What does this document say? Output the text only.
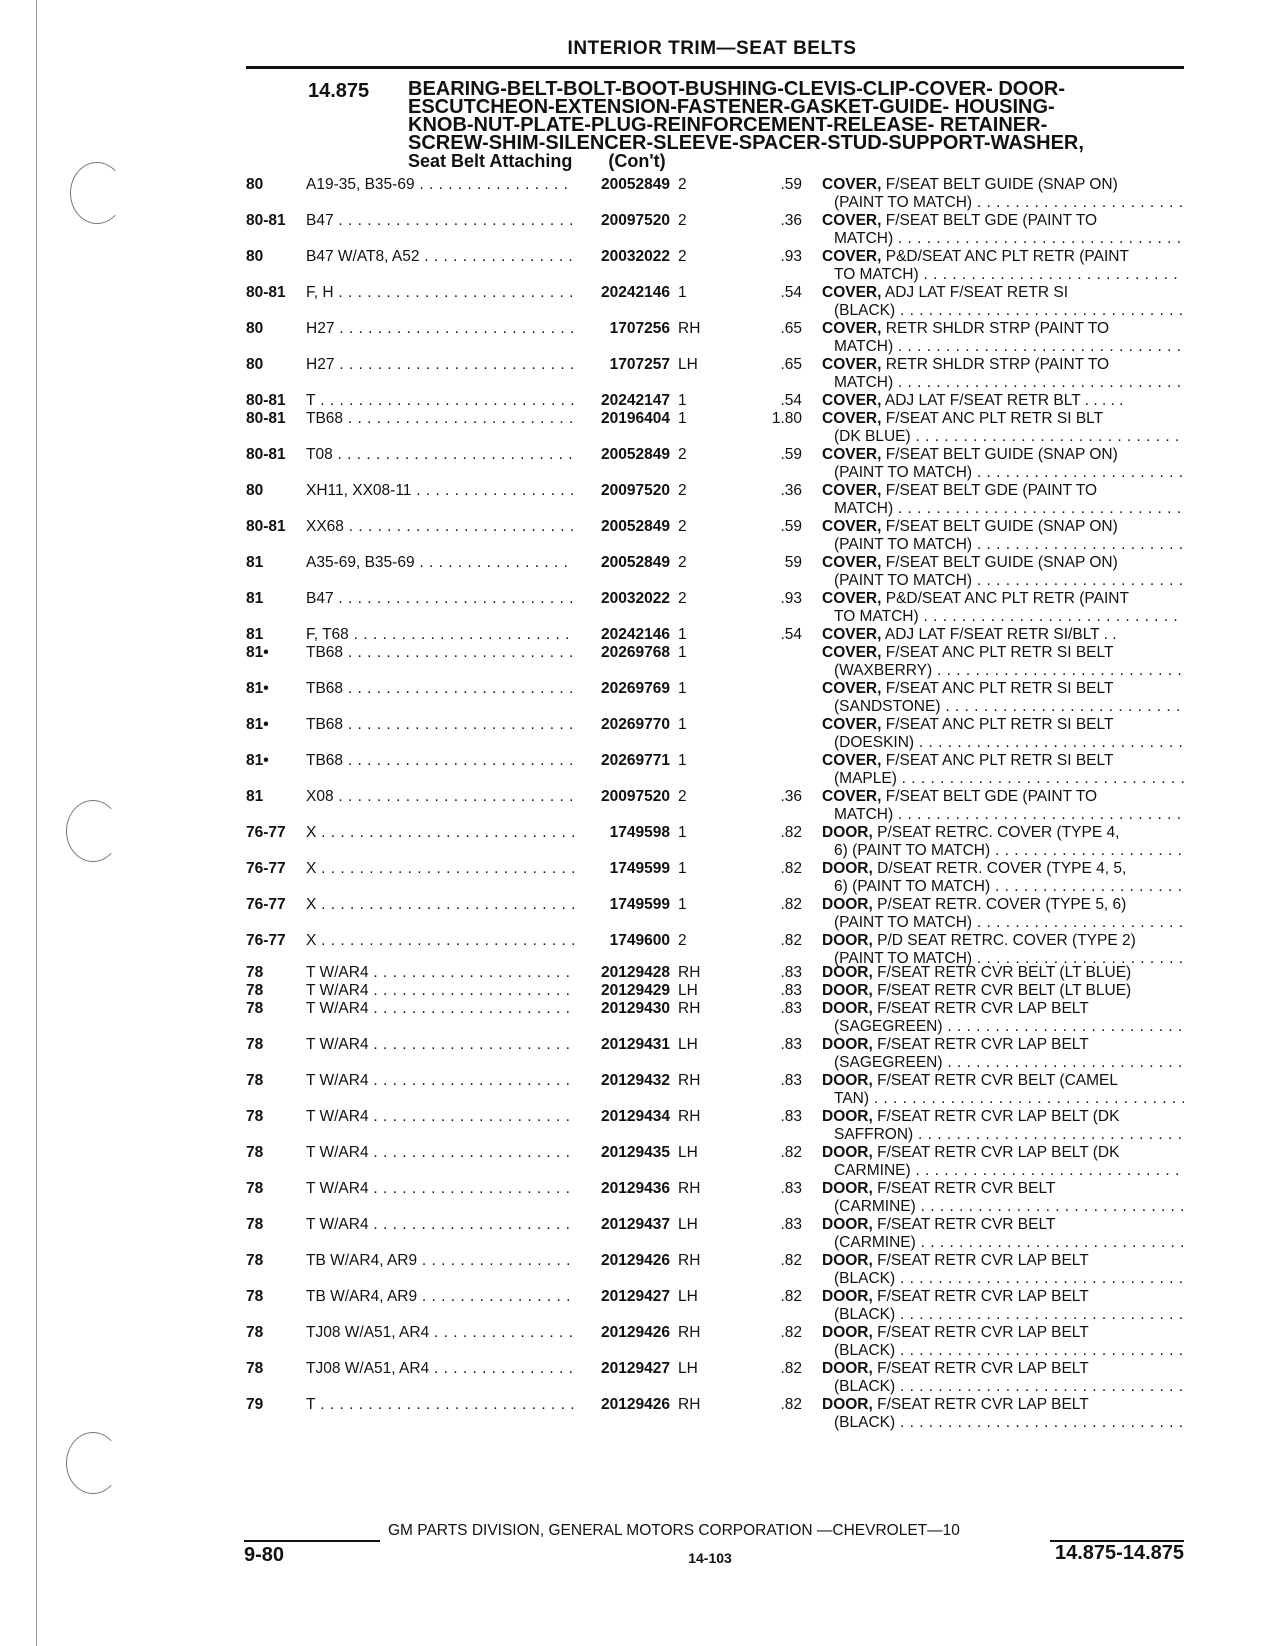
INTERIOR TRIM—SEAT BELTS
14.875 BEARING-BELT-BOLT-BOOT-BUSHING-CLEVIS-CLIP-COVER- DOOR-
ESCUTCHEON-EXTENSION-FASTENER-GASKET-GUIDE- HOUSING-
KNOB-NUT-PLATE-PLUG-REINFORCEMENT-RELEASE- RETAINER-
SCREW-SHIM-SILENCER-SLEEVE-SPACER-STUD-SUPPORT-WASHER,
Seat Belt Attaching (Con't)
80	A19-35, B35-69 . . .	20052849 2	.59 COVER, F/SEAT BELT GUIDE (SNAP ON)
(PAINT TO MATCH) . . .
80-81 B47 . . .	20097520 2	.36 COVER, F/SEAT BELT GDE (PAINT TO
MATCH) . . .
80	B47 W/AT8, A52 . . .	20032022 2	.93 COVER, P&D/SEAT ANC PLT RETR (PAINT
TO MATCH) . . .
80-81 F, H . . .	20242146 1	.54 COVER, ADJ LAT F/SEAT RETR SI
(BLACK) . . .
80	H27 . . .	1707256 RH	.65 COVER, RETR SHLDR STRP (PAINT TO
MATCH) . . .
80	H27 . . .	1707257 LH	.65 COVER, RETR SHLDR STRP (PAINT TO
MATCH) . . .
80-81 T . . .	20242147 1	.54 COVER, ADJ LAT F/SEAT RETR BLT . . . . .
80-81 TB68 . . .	20196404 1	1.80 COVER, F/SEAT ANC PLT RETR SI BLT
(DK BLUE) . . .
80-81 T08 . . .	20052849 2	.59 COVER, F/SEAT BELT GUIDE (SNAP ON)
(PAINT TO MATCH) . . .
80	XH11, XX08-11 . . .	20097520 2	.36 COVER, F/SEAT BELT GDE (PAINT TO
MATCH) . . .
80-81 XX68 . . .	20052849 2	.59 COVER, F/SEAT BELT GUIDE (SNAP ON)
(PAINT TO MATCH) . . .
81	A35-69, B35-69 . . .	20052849 2	59 COVER, F/SEAT BELT GUIDE (SNAP ON)
(PAINT TO MATCH) . . .
81	B47 . . .	20032022 2	.93 COVER, P&D/SEAT ANC PLT RETR (PAINT
TO MATCH) . . .
81	F, T68 . . .	20242146 1	.54 COVER, ADJ LAT F/SEAT RETR SI/BLT . .
81• TB68 . . .	20269768 1	COVER, F/SEAT ANC PLT RETR SI BELT
(WAXBERRY) . . .
81• TB68 . . .	20269769 1	COVER, F/SEAT ANC PLT RETR SI BELT
(SANDSTONE) . . .
81• TB68 . . .	20269770 1	COVER, F/SEAT ANC PLT RETR SI BELT
(DOESKIN) . . .
81• TB68 . . .	20269771 1	COVER, F/SEAT ANC PLT RETR SI BELT
(MAPLE) . . .
81	X08 . . .	20097520 2	.36 COVER, F/SEAT BELT GDE (PAINT TO
MATCH) . . .
76-77 X . . .	1749598 1	.82 DOOR, P/SEAT RETRC. COVER (TYPE 4,
6) (PAINT TO MATCH) . . .
76-77 X . . .	1749599 1	.82 DOOR, D/SEAT RETR. COVER (TYPE 4, 5,
6) (PAINT TO MATCH) . . .
76-77 X . . .	1749599 1	.82 DOOR, P/SEAT RETR. COVER (TYPE 5, 6)
(PAINT TO MATCH) . . .
76-77 X . . .	1749600 2	.82 DOOR, P/D SEAT RETRC. COVER (TYPE 2)
(PAINT TO MATCH) . . .
78	T W/AR4 . . .	20129428 RH	.83 DOOR, F/SEAT RETR CVR BELT (LT BLUE)
78	T W/AR4 . . .	20129429 LH	.83 DOOR, F/SEAT RETR CVR BELT (LT BLUE)
78	T W/AR4 . . .	20129430 RH	.83 DOOR, F/SEAT RETR CVR LAP BELT
(SAGEGREEN) . . .
78	T W/AR4 . . .	20129431 LH	.83 DOOR, F/SEAT RETR CVR LAP BELT
(SAGEGREEN) . . .
78	T W/AR4 . . .	20129432 RH	.83 DOOR, F/SEAT RETR CVR BELT (CAMEL
TAN) . . .
78	T W/AR4 . . .	20129434 RH	.83 DOOR, F/SEAT RETR CVR LAP BELT (DK
SAFFRON) . . .
78	T W/AR4 . . .	20129435 LH	.82 DOOR, F/SEAT RETR CVR LAP BELT (DK
CARMINE) . . .
78	T W/AR4 . . .	20129436 RH	.83 DOOR, F/SEAT RETR CVR BELT
(CARMINE) . . .
78	T W/AR4 . . .	20129437 LH	.83 DOOR, F/SEAT RETR CVR BELT
(CARMINE) . . .
78	TB W/AR4, AR9 . . .	20129426 RH	.82 DOOR, F/SEAT RETR CVR LAP BELT
(BLACK) . . .
78	TB W/AR4, AR9 . . .	20129427 LH	.82 DOOR, F/SEAT RETR CVR LAP BELT
(BLACK) . . .
78	TJ08 W/A51, AR4 . . .	20129426 RH	.82 DOOR, F/SEAT RETR CVR LAP BELT
(BLACK) . . .
78	TJ08 W/A51, AR4 . . .	20129427 LH	.82 DOOR, F/SEAT RETR CVR LAP BELT
(BLACK) . . .
79	T . . .	20129426 RH	.82 DOOR, F/SEAT RETR CVR LAP BELT
(BLACK) . . .
GM PARTS DIVISION, GENERAL MOTORS CORPORATION —CHEVROLET—10
9-80	14-103	14.875-14.875
